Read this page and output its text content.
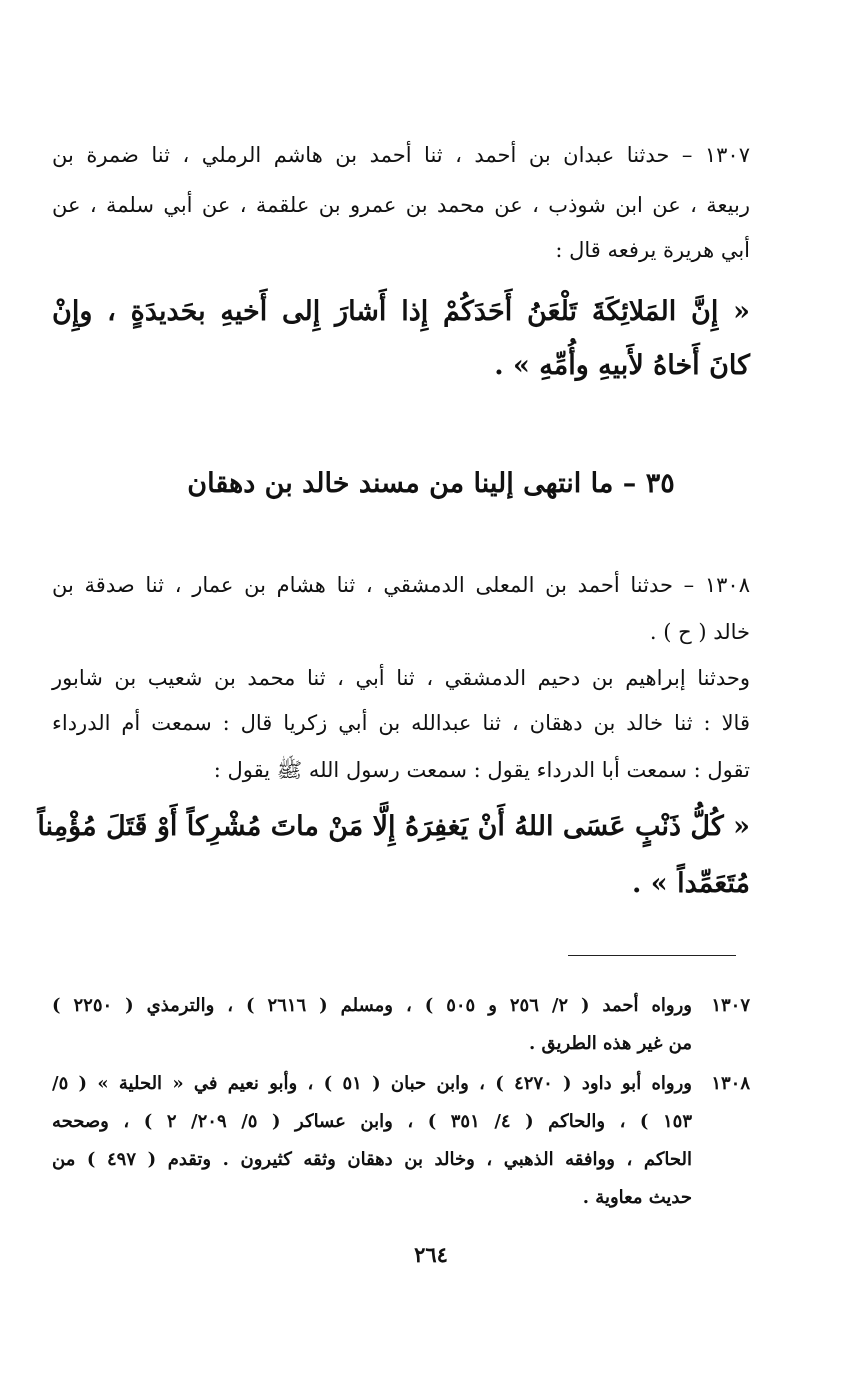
١٣٠٧ – حدثنا عبدان بن أحمد ، ثنا أحمد بن هاشم الرملي ، ثنا ضمرة بن
ربيعة ، عن ابن شوذب ، عن محمد بن عمرو بن علقمة ، عن أبي سلمة ، عن
أبي هريرة يرفعه قال :
« إِنَّ المَلائِكَةَ تَلْعَنُ أَحَدَكُمْ إِذا أَشارَ إِلى أَخيهِ بحَديدَةٍ ، وإِنْ
كانَ أَخاهُ لأَبيهِ وأُمِّهِ » .
٣٥ – ما انتهى إلينا من مسند خالد بن دهقان
١٣٠٨ – حدثنا أحمد بن المعلى الدمشقي ، ثنا هشام بن عمار ، ثنا صدقة بن
خالد ( ح ) .
وحدثنا إبراهيم بن دحيم الدمشقي ، ثنا أبي ، ثنا محمد بن شعيب بن شابور
قالا : ثنا خالد بن دهقان ، ثنا عبدالله بن أبي زكريا قال : سمعت أم الدرداء
تقول : سمعت أبا الدرداء يقول : سمعت رسول الله ﷺ يقول :
« كُلُّ ذَنْبٍ عَسَى اللهُ أَنْ يَغفِرَهُ إِلَّا مَنْ ماتَ مُشْرِكاً أَوْ قَتَلَ مُؤْمِناً
مُتَعَمِّداً » .
١٣٠٧
ورواه أحمد ( ٢/ ٢٥٦ و ٥٠٥ ) ، ومسلم ( ٢٦١٦ ) ، والترمذي ( ٢٢٥٠ )
من غير هذه الطريق .
١٣٠٨
ورواه أبو داود ( ٤٢٧٠ ) ، وابن حبان ( ٥١ ) ، وأبو نعيم في « الحلية » ( ٥/
١٥٣ ) ، والحاكم ( ٤/ ٣٥١ ) ، وابن عساكر ( ٥/ ٢٠٩/ ٢ ) ، وصححه
الحاكم ، ووافقه الذهبي ، وخالد بن دهقان وثقه كثيرون . وتقدم ( ٤٩٧ ) من
حديث معاوية .
٢٦٤
